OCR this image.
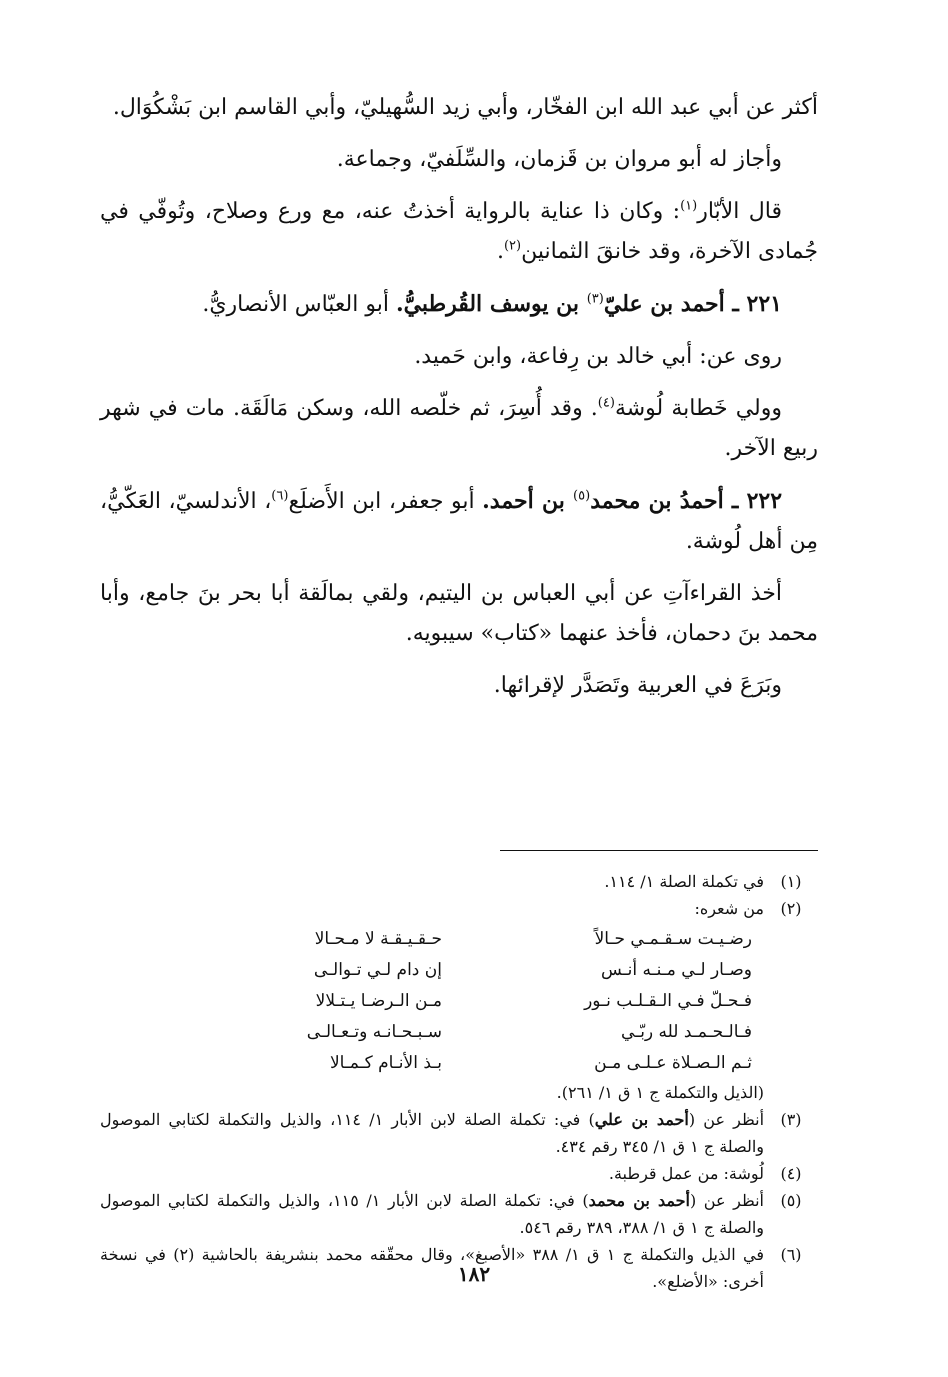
أكثر عن أبي عبد الله ابن الفخّار، وأبي زيد السُّهيليّ، وأبي القاسم ابن بَشْكُوَال.

وأجاز له أبو مروان بن قَزمان، والسِّلَفيّ، وجماعة.

قال الأبّار$^{(١)}$: وكان ذا عناية بالرواية أخذتُ عنه، مع ورع وصلاح، وتُوفّي في جُمادى الآخرة، وقد خانقَ الثمانين$^{(٢)}$.

٢٢١ ـ أحمد بن عليّ$^{(٣)}$ بن يوسف القُرطبيُّ. أبو العبّاس الأنصاريُّ.

روى عن: أبي خالد بن رِفاعة، وابن حَميد.

وولي خَطابة لُوشة$^{(٤)}$. وقد أُسِرَ، ثم خلّصه الله، وسكن مَالَقَة. مات في شهر ربيع الآخر.

٢٢٢ ـ أحمدُ بن محمد$^{(٥)}$ بن أحمد. أبو جعفر، ابن الأَضلَع$^{(٦)}$، الأندلسيّ، العَكّيُّ، مِن أهل لُوشة.

أخذ القراءآتِ عن أبي العباس بن اليتيم، ولقي بمالَقة أبا بحر بنَ جامع، وأبا محمد بنَ دحمان، فأخذ عنهما «كتاب» سيبويه.

وبَرَعَ في العربية وتَصَدَّر لإقرائها.

(١)
في تكملة الصلة ١/ ١١٤.
(٢)
من شعره:
رضـيـت سـقـمـي حـالاً
حـقـيـقـة لا مـحـالا
وصـار لـي مـنـه أنـس
إن دام لـي تـوالـى
فـحـلّ فـي الـقـلـب نـور
مـن الـرضـا يـتـلالا
فـالـحـمـد لله ربّـي
سـبـحـانـه وتـعـالـى
ثـم الـصـلاة عـلـى مـن
بـذ الأنـام كـمـالا
(الذيل والتكملة ج ١ ق ١/ ٢٦١).
(٣)
أنظر عن (أحمد بن علي) في: تكملة الصلة لابن الأبار ١/ ١١٤، والذيل والتكملة لكتابي الموصول والصلة ج ١ ق ١/ ٣٤٥ رقم ٤٣٤.
(٤)
لُوشة: من عمل قرطبة.
(٥)
أنظر عن (أحمد بن محمد) في: تكملة الصلة لابن الأبار ١/ ١١٥، والذيل والتكملة لكتابي الموصول والصلة ج ١ ق ١/ ٣٨٨، ٣٨٩ رقم ٥٤٦.
(٦)
في الذيل والتكملة ج ١ ق ١/ ٣٨٨ «الأصبغ»، وقال محقّقه محمد بنشريفة بالحاشية (٢) في نسخة أخرى: «الأضلع».
١٨٢
